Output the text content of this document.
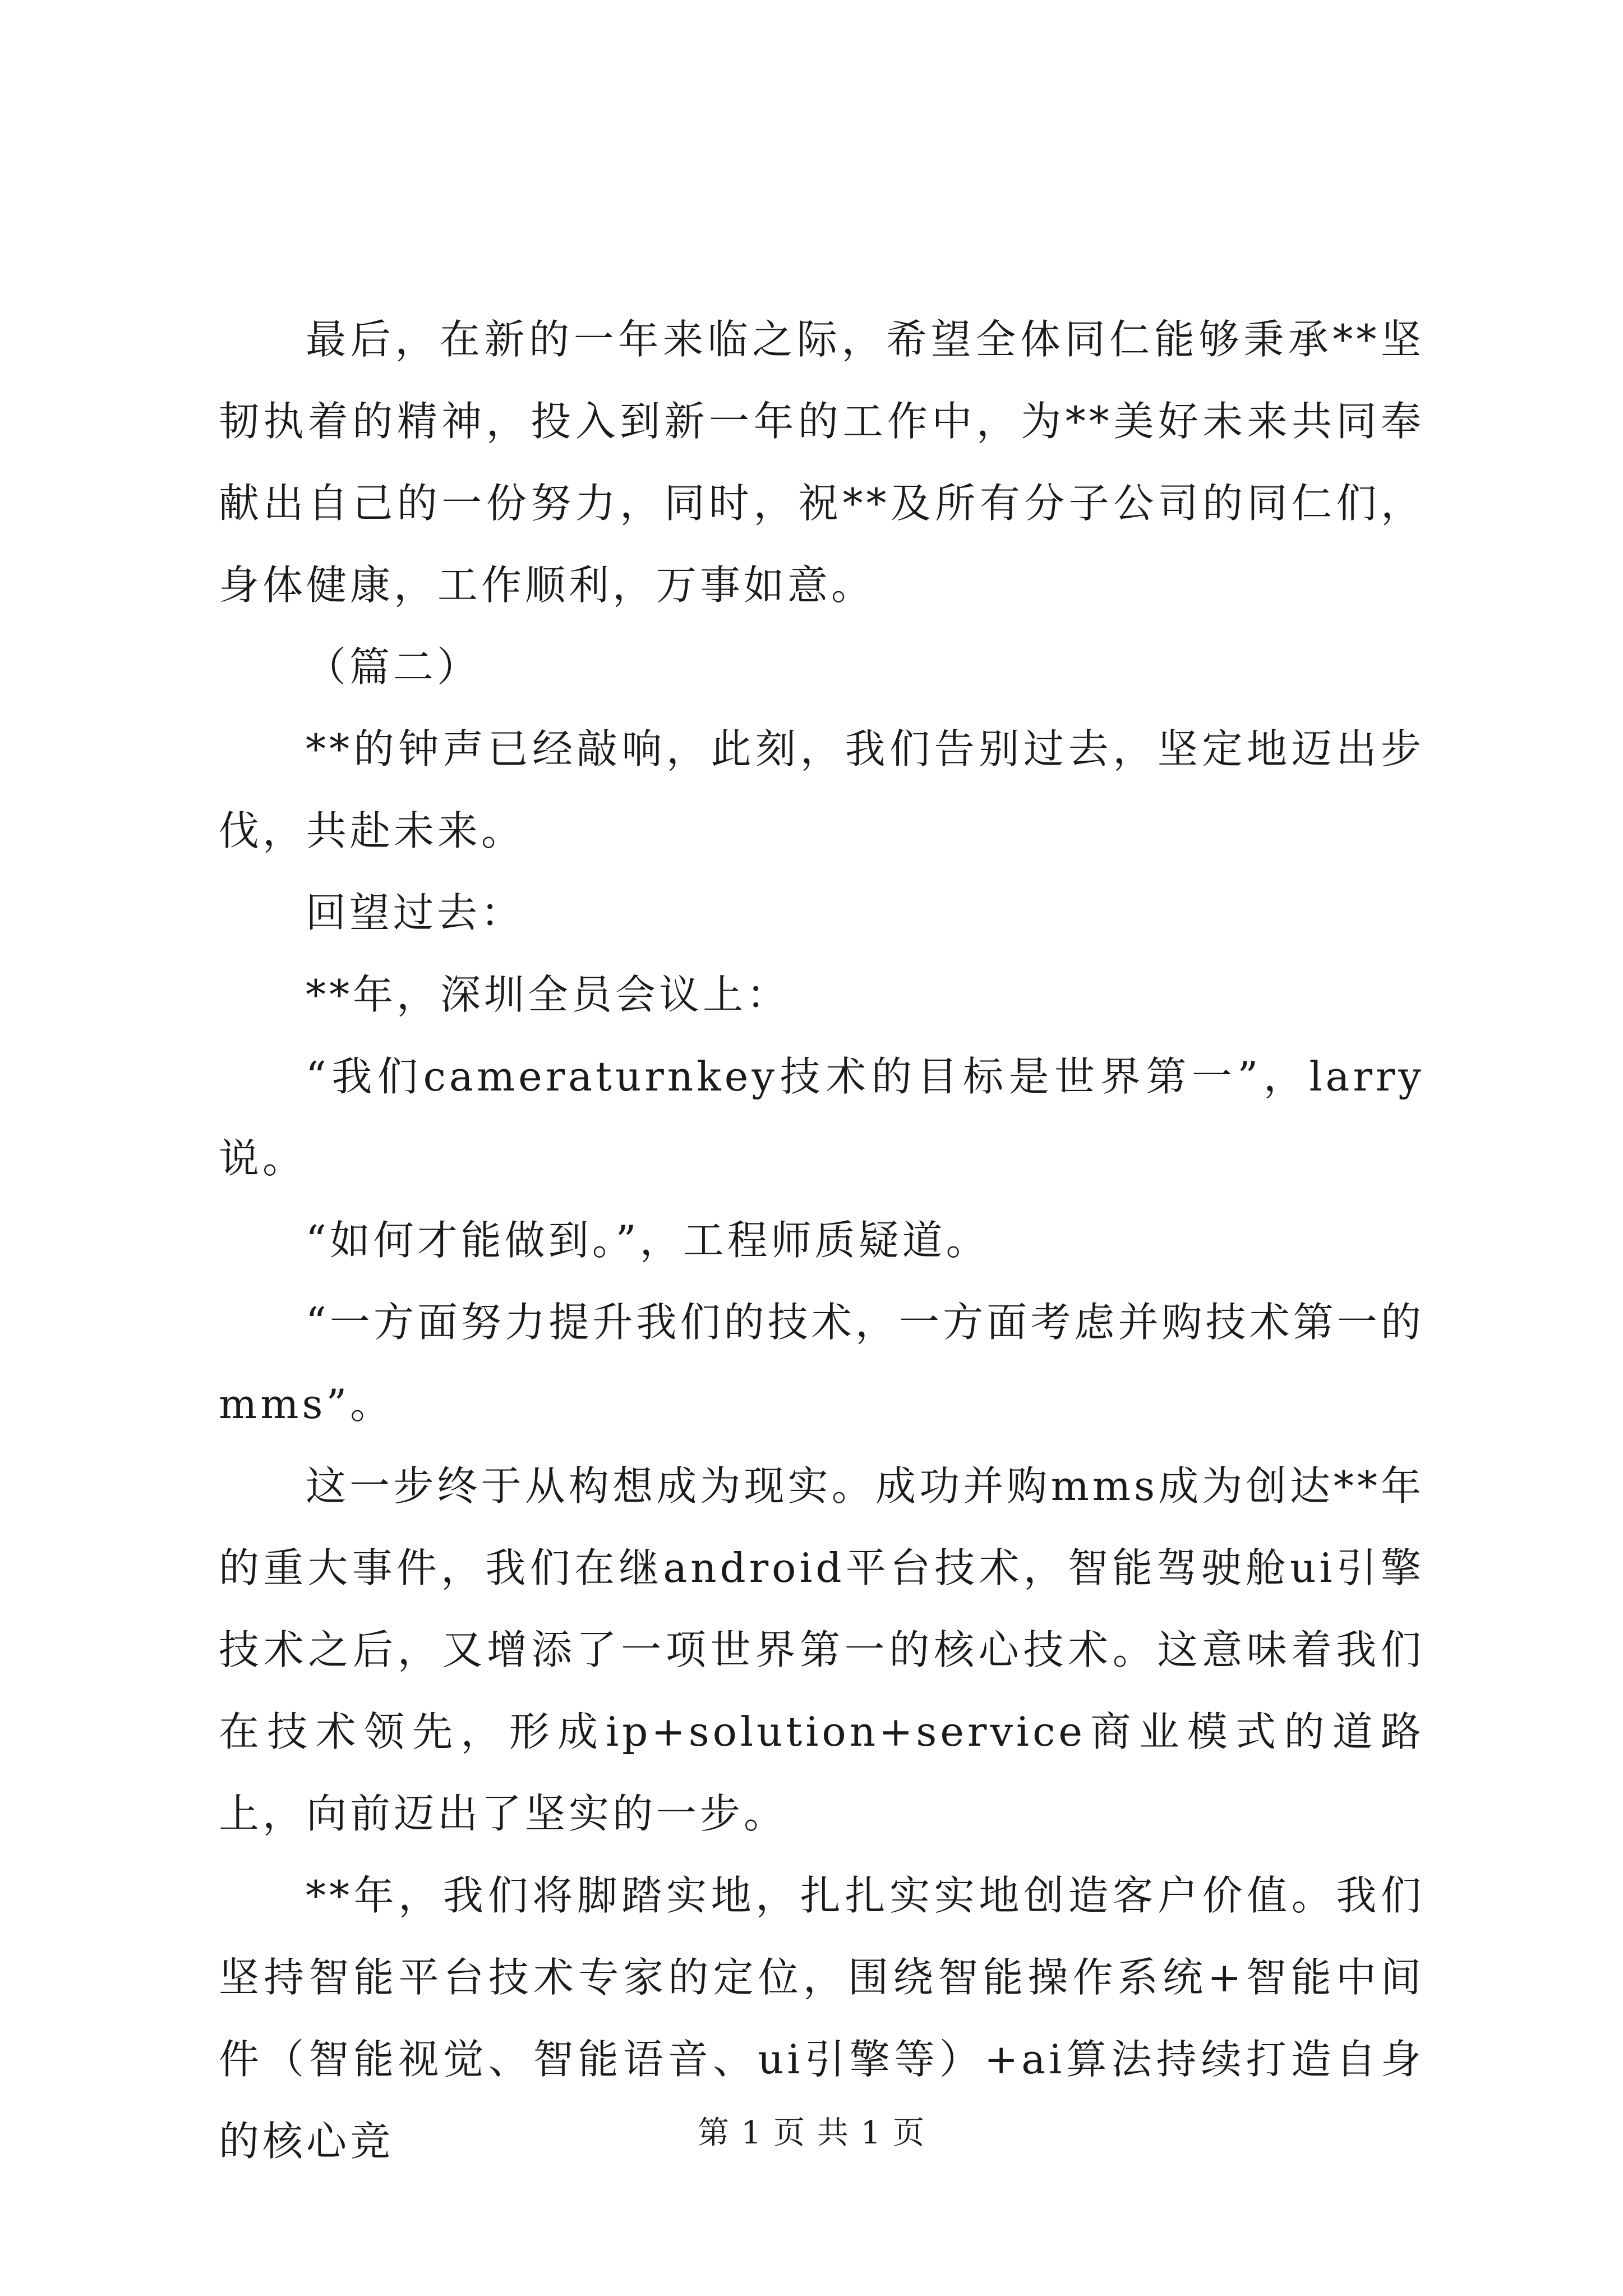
最后，在新的一年来临之际，希望全体同仁能够秉承**坚韧执着的精神，投入到新一年的工作中，为**美好未来共同奉献出自己的一份努力，同时，祝**及所有分子公司的同仁们，身体健康，工作顺利，万事如意。

（篇二）

**的钟声已经敲响，此刻，我们告别过去，坚定地迈出步伐，共赴未来。

回望过去：

**年，深圳全员会议上：

“我们cameraturnkey技术的目标是世界第一”，larry说。

“如何才能做到。”，工程师质疑道。

“一方面努力提升我们的技术，一方面考虑并购技术第一的mms”。

这一步终于从构想成为现实。成功并购mms成为创达**年的重大事件，我们在继android平台技术，智能驾驶舱ui引擎技术之后，又增添了一项世界第一的核心技术。这意味着我们在技术领先，形成ip+solution+service商业模式的道路上，向前迈出了坚实的一步。

**年，我们将脚踏实地，扎扎实实地创造客户价值。我们坚持智能平台技术专家的定位，围绕智能操作系统+智能中间件（智能视觉、智能语音、ui引擎等）+ai算法持续打造自身的核心竞	第 1 页 共 1 页
